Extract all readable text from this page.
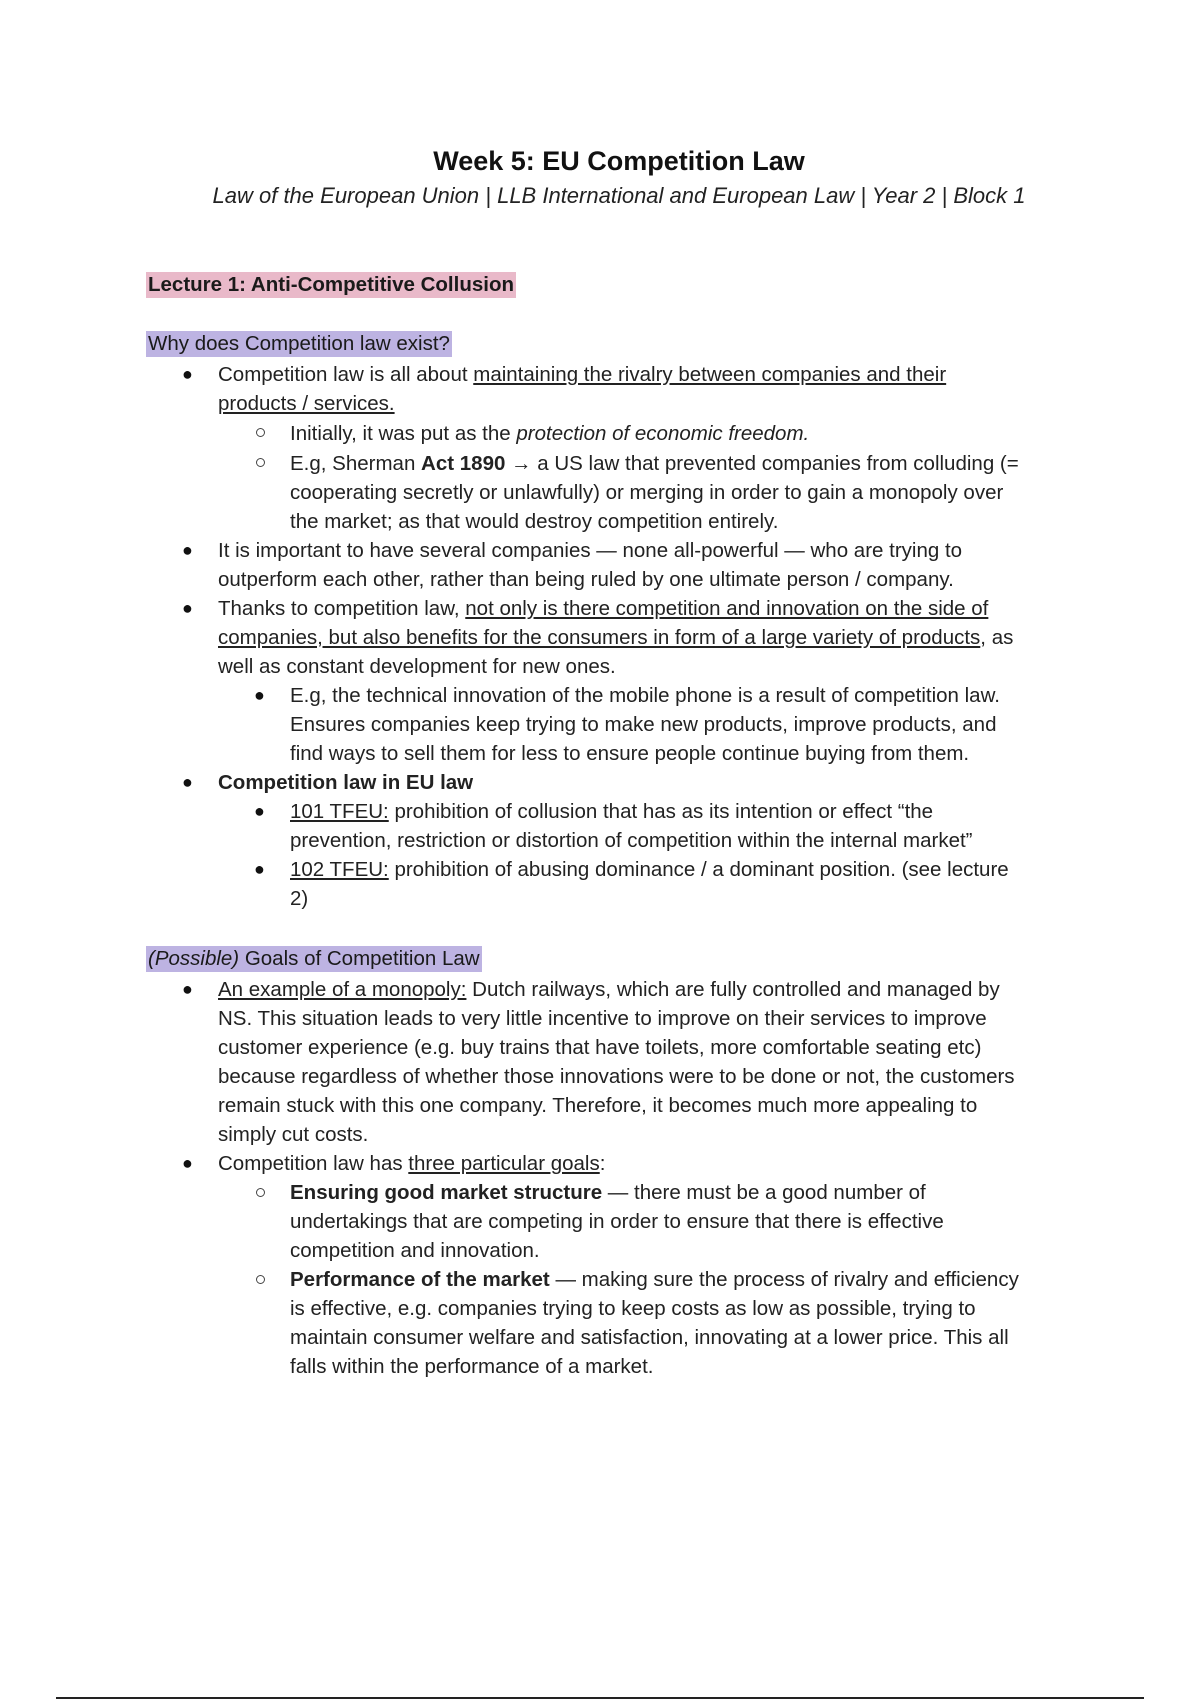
Week 5: EU Competition Law
Law of the European Union | LLB International and European Law | Year 2 | Block 1
Lecture 1: Anti-Competitive Collusion
Why does Competition law exist?
● Competition law is all about maintaining the rivalry between companies and their
products / services.
Initially, it was put as the protection of economic freedom.
E.g, Sherman Act 1890 → a US law that prevented companies from colluding (=
cooperating secretly or unlawfully) or merging in order to gain a monopoly over
the market; as that would destroy competition entirely.
● It is important to have several companies — none all-powerful — who are trying to
outperform each other, rather than being ruled by one ultimate person / company.
● Thanks to competition law, not only is there competition and innovation on the side of
companies, but also benefits for the consumers in form of a large variety of products, as
well as constant development for new ones.
● E.g, the technical innovation of the mobile phone is a result of competition law.
Ensures companies keep trying to make new products, improve products, and
find ways to sell them for less to ensure people continue buying from them.
● Competition law in EU law
● 101 TFEU: prohibition of collusion that has as its intention or effect “the
prevention, restriction or distortion of competition within the internal market”
● 102 TFEU: prohibition of abusing dominance / a dominant position. (see lecture
2)
(Possible) Goals of Competition Law
● An example of a monopoly: Dutch railways, which are fully controlled and managed by
NS. This situation leads to very little incentive to improve on their services to improve
customer experience (e.g. buy trains that have toilets, more comfortable seating etc)
because regardless of whether those innovations were to be done or not, the customers
remain stuck with this one company. Therefore, it becomes much more appealing to
simply cut costs.
● Competition law has three particular goals:
Ensuring good market structure — there must be a good number of
undertakings that are competing in order to ensure that there is effective
competition and innovation.
Performance of the market — making sure the process of rivalry and efficiency
is effective, e.g. companies trying to keep costs as low as possible, trying to
maintain consumer welfare and satisfaction, innovating at a lower price. This all
falls within the performance of a market.
